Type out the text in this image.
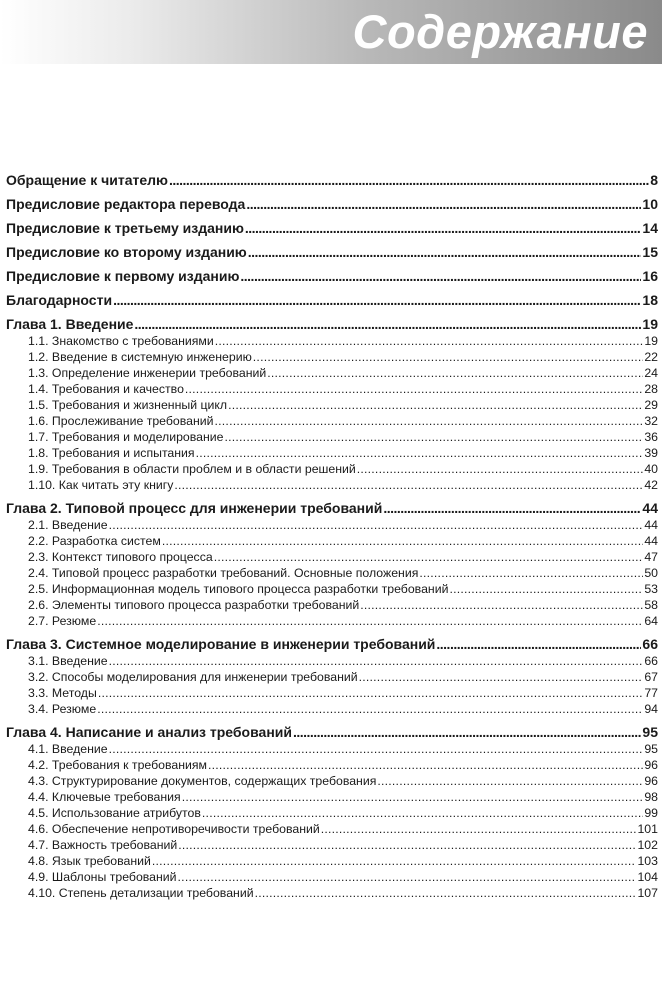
Содержание
Обращение к читателю . . .	8
Предисловие редактора перевода . . .	10
Предисловие к третьему изданию . . .	14
Предисловие ко второму изданию . . .	15
Предисловие к первому изданию . . .	16
Благодарности . . .	18
Глава 1. Введение . . .	19
1.1. Знакомство с требованиями . . .	19
1.2. Введение в системную инженерию . . .	22
1.3. Определение инженерии требований . . .	24
1.4. Требования и качество . . .	28
1.5. Требования и жизненный цикл . . .	29
1.6. Прослеживание требований . . .	32
1.7. Требования и моделирование . . .	36
1.8. Требования и испытания . . .	39
1.9. Требования в области проблем и в области решений . . .	40
1.10. Как читать эту книгу . . .	42
Глава 2. Типовой процесс для инженерии требований . . .	44
2.1. Введение . . .	44
2.2. Разработка систем . . .	44
2.3. Контекст типового процесса . . .	47
2.4. Типовой процесс разработки требований. Основные положения . . .	50
2.5. Информационная модель типового процесса разработки требований . . .	53
2.6. Элементы типового процесса разработки требований . . .	58
2.7. Резюме . . .	64
Глава 3. Системное моделирование в инженерии требований . . .	66
3.1. Введение . . .	66
3.2. Способы моделирования для инженерии требований . . .	67
3.3. Методы . . .	77
3.4. Резюме . . .	94
Глава 4. Написание и анализ требований . . .	95
4.1. Введение . . .	95
4.2. Требования к требованиям . . .	96
4.3. Структурирование документов, содержащих требования . . .	96
4.4. Ключевые требования . . .	98
4.5. Использование атрибутов . . .	99
4.6. Обеспечение непротиворечивости требований . . .	101
4.7. Важность требований . . .	102
4.8. Язык требований . . .	103
4.9. Шаблоны требований . . .	104
4.10. Степень детализации требований . . .	107
